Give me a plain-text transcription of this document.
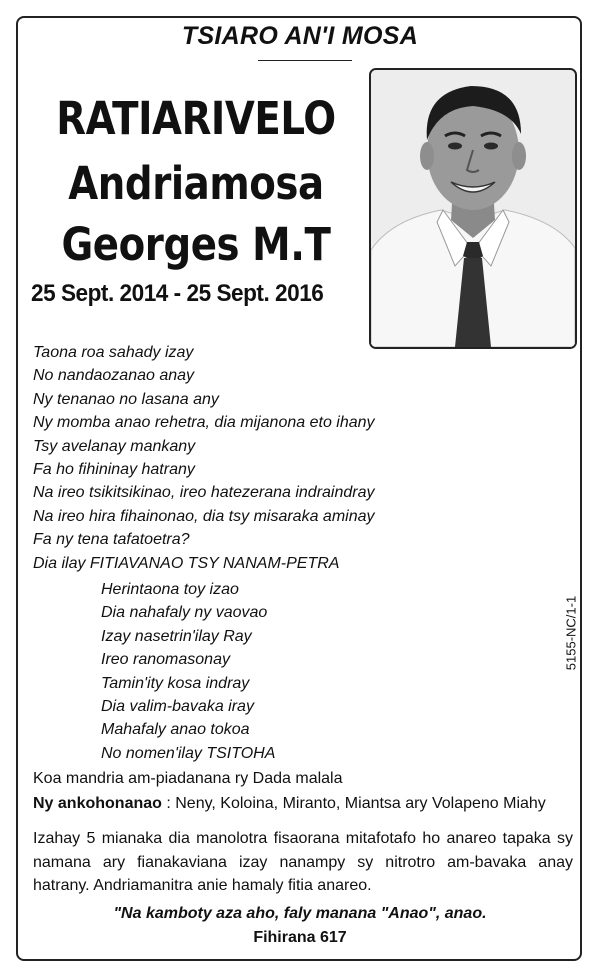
TSIARO AN'I MOSA
RATIARIVELO
Andriamosa
Georges M.T
25 Sept. 2014 - 25 Sept. 2016
Taona roa sahady izay
No nandaozanao anay
Ny tenanao no lasana any
Ny momba anao rehetra, dia mijanona eto ihany
Tsy avelanay mankany
Fa ho fihininay hatrany
Na ireo tsikitsikinao, ireo hatezerana indraindray
Na ireo hira fihainonao, dia tsy misaraka aminay
Fa ny tena tafatoetra?
Dia ilay FITIAVANAO TSY NANAM-PETRA
Herintaona toy izao
Dia nahafaly ny vaovao
Izay nasetrin'ilay Ray
Ireo ranomasonay
Tamin'ity kosa indray
Dia valim-bavaka iray
Mahafaly anao tokoa
No nomen'ilay TSITOHA
5155-NC/1-1
Koa mandria am-piadanana ry Dada malala
Ny ankohonanao : Neny, Koloina, Miranto, Miantsa ary Volapeno Miahy
Izahay 5 mianaka dia manolotra fisaorana mitafotafo ho anareo tapaka sy namana ary fianakaviana izay nanampy sy nitrotro am-bavaka anay hatrany. Andriamanitra anie hamaly fitia anareo.
"Na kamboty aza aho, faly manana "Anao", anao.
Fihirana 617
